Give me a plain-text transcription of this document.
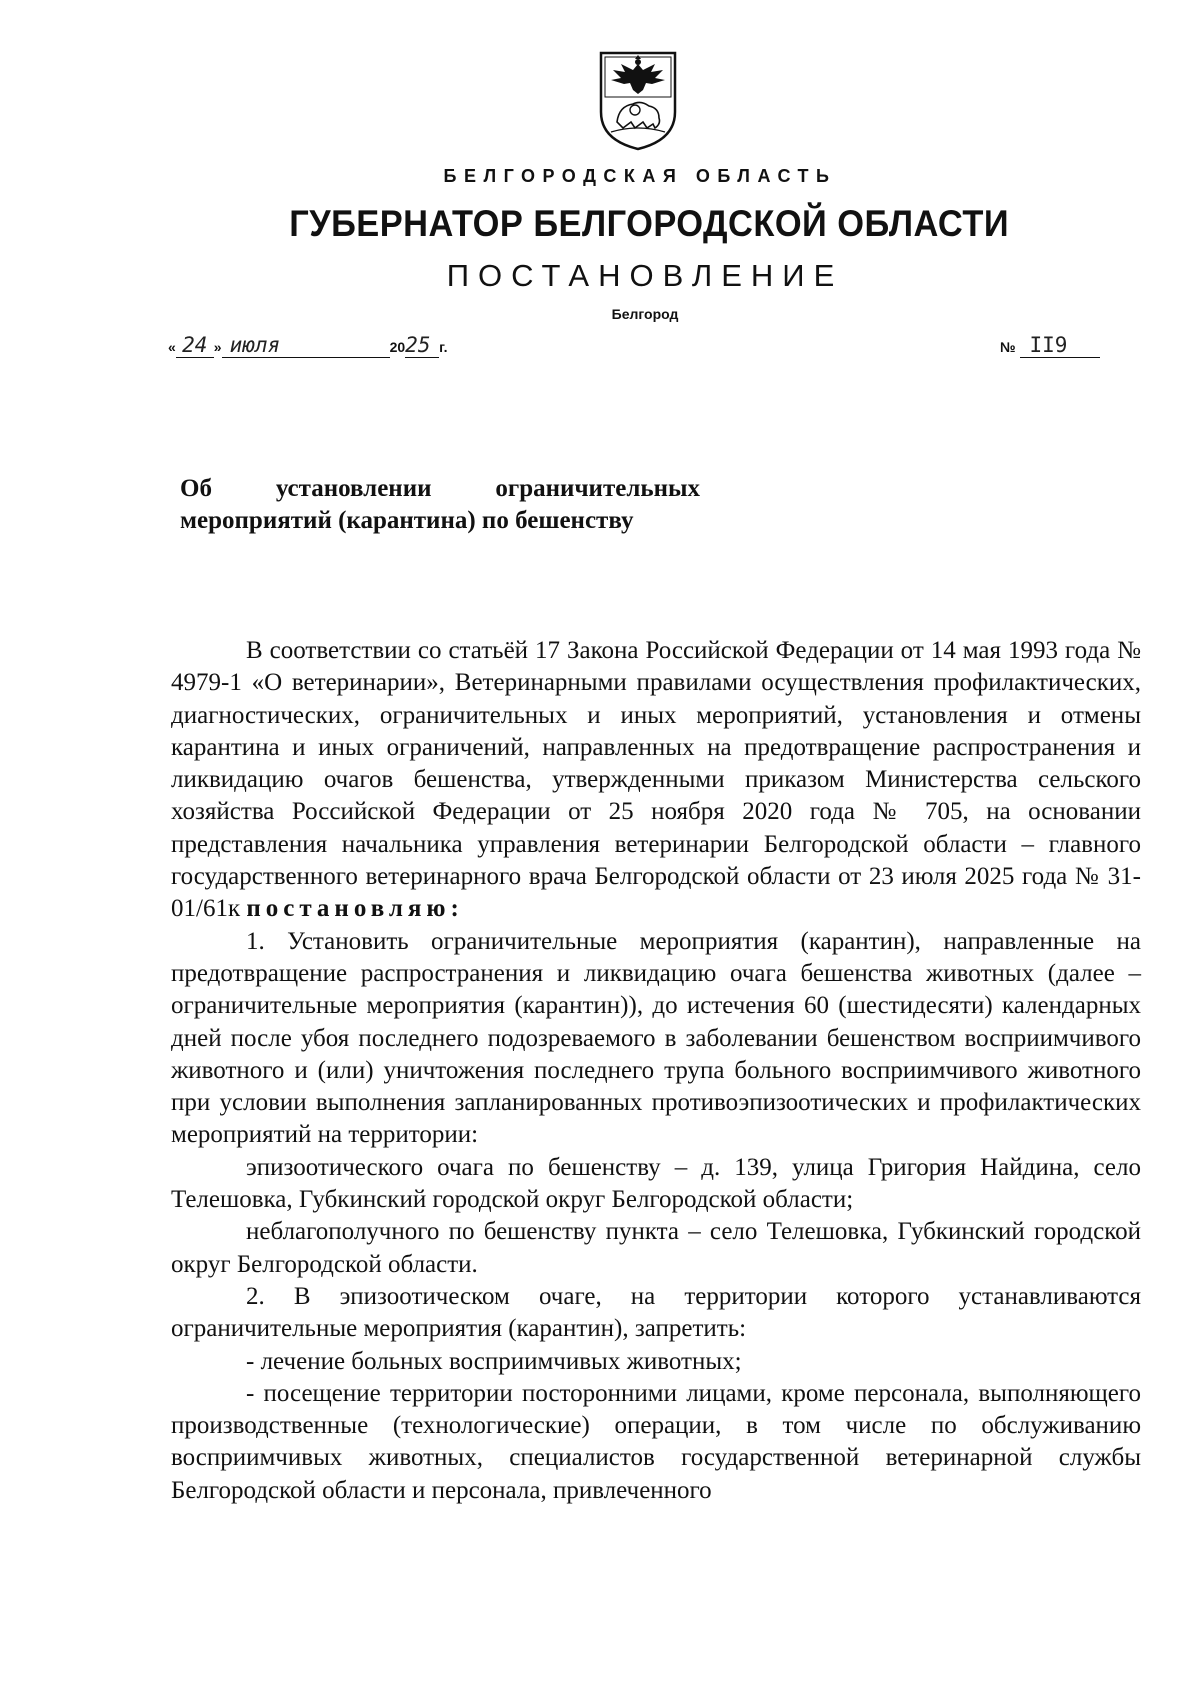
БЕЛГОРОДСКАЯ ОБЛАСТЬ
ГУБЕРНАТОР БЕЛГОРОДСКОЙ ОБЛАСТИ
ПОСТАНОВЛЕНИЕ
Белгород
« 24 » июля	2025 г.	№ II9
Об установлении ограничительных
мероприятий (карантина) по бешенству

В соответствии со статьёй 17 Закона Российской Федерации от 14 мая 1993 года № 4979-1 «О ветеринарии», Ветеринарными правилами осуществления профилактических, диагностических, ограничительных и иных мероприятий, установления и отмены карантина и иных ограничений, направленных на предотвращение распространения и ликвидацию очагов бешенства, утвержденными приказом Министерства сельского хозяйства Российской Федерации от 25 ноября 2020 года № 705, на основании представления начальника управления ветеринарии Белгородской области – главного государственного ветеринарного врача Белгородской области от 23 июля 2025 года № 31-01/61к постановляю:

1. Установить ограничительные мероприятия (карантин), направленные на предотвращение распространения и ликвидацию очага бешенства животных (далее – ограничительные мероприятия (карантин)), до истечения 60 (шестидесяти) календарных дней после убоя последнего подозреваемого в заболевании бешенством восприимчивого животного и (или) уничтожения последнего трупа больного восприимчивого животного при условии выполнения запланированных противоэпизоотических и профилактических мероприятий на территории:

эпизоотического очага по бешенству – д. 139, улица Григория Найдина, село Телешовка, Губкинский городской округ Белгородской области;

неблагополучного по бешенству пункта – село Телешовка, Губкинский городской округ Белгородской области.

2. В эпизоотическом очаге, на территории которого устанавливаются ограничительные мероприятия (карантин), запретить:

- лечение больных восприимчивых животных;

- посещение территории посторонними лицами, кроме персонала, выполняющего производственные (технологические) операции, в том числе по обслуживанию восприимчивых животных, специалистов государственной ветеринарной службы Белгородской области и персонала, привлеченного
